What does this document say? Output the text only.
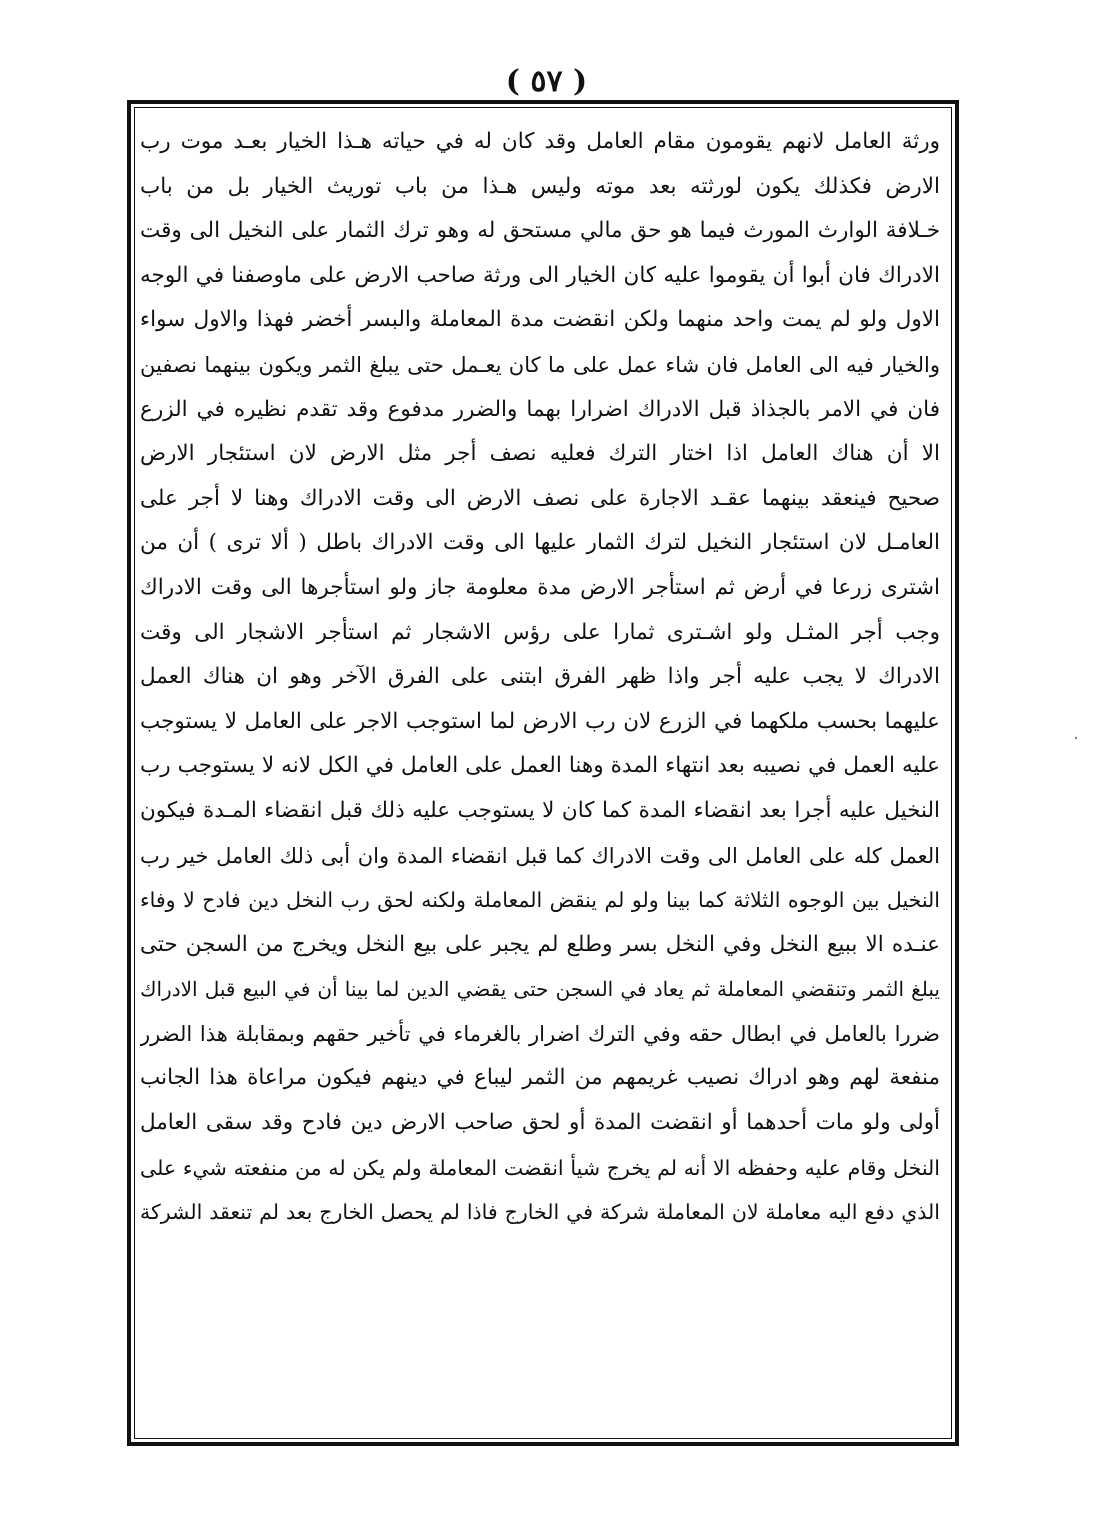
( ٥٧ )
ورثة العامل لانهم يقومون مقام العامل وقد كان له في حياته هـذا الخيار بعـد موت رب
الارض فكذلك يكون لورثته بعد موته وليس هـذا من باب توريث الخيار بل من باب
خـلافة الوارث المورث فيما هو حق مالي مستحق له وهو ترك الثمار على النخيل الى وقت
الادراك فان أبوا أن يقوموا عليه كان الخيار الى ورثة صاحب الارض على ماوصفنا في الوجه
الاول ولو لم يمت واحد منهما ولكن انقضت مدة المعاملة والبسر أخضر فهذا والاول سواء
والخيار فيه الى العامل فان شاء عمل على ما كان يعـمل حتى يبلغ الثمر ويكون بينهما نصفين
فان في الامر بالجذاذ قبل الادراك اضرارا بهما والضرر مدفوع وقد تقدم نظيره في الزرع
الا أن هناك العامل اذا اختار الترك فعليه نصف أجر مثل الارض لان استئجار الارض
صحيح فينعقد بينهما عقـد الاجارة على نصف الارض الى وقت الادراك وهنا لا أجر على
العامـل لان استئجار النخيل لترك الثمار عليها الى وقت الادراك باطل ( ألا ترى ) أن من
اشترى زرعا في أرض ثم استأجر الارض مدة معلومة جاز ولو استأجرها الى وقت الادراك
وجب أجر المثـل ولو اشـترى ثمارا على رؤس الاشجار ثم استأجر الاشجار الى وقت
الادراك لا يجب عليه أجر واذا ظهر الفرق ابتنى على الفرق الآخر وهو ان هناك العمل
عليهما بحسب ملكهما في الزرع لان رب الارض لما استوجب الاجر على العامل لا يستوجب
عليه العمل في نصيبه بعد انتهاء المدة وهنا العمل على العامل في الكل لانه لا يستوجب رب
النخيل عليه أجرا بعد انقضاء المدة كما كان لا يستوجب عليه ذلك قبل انقضاء المـدة فيكون
العمل كله على العامل الى وقت الادراك كما قبل انقضاء المدة وان أبى ذلك العامل خير رب
النخيل بين الوجوه الثلاثة كما بينا ولو لم ينقض المعاملة ولكنه لحق رب النخل دين فادح لا وفاء
عنـده الا ببيع النخل وفي النخل بسر وطلع لم يجبر على بيع النخل ويخرج من السجن حتى
يبلغ الثمر وتنقضي المعاملة ثم يعاد في السجن حتى يقضي الدين لما بينا أن في البيع قبل الادراك
ضررا بالعامل في ابطال حقه وفي الترك اضرار بالغرماء في تأخير حقهم وبمقابلة هذا الضرر
منفعة لهم وهو ادراك نصيب غريمهم من الثمر ليباع في دينهم فيكون مراعاة هذا الجانب
أولى ولو مات أحدهما أو انقضت المدة أو لحق صاحب الارض دين فادح وقد سقى العامل
النخل وقام عليه وحفظه الا أنه لم يخرج شيأ انقضت المعاملة ولم يكن له من منفعته شيء على
الذي دفع اليه معاملة لان المعاملة شركة في الخارج فاذا لم يحصل الخارج بعد لم تنعقد الشركة
